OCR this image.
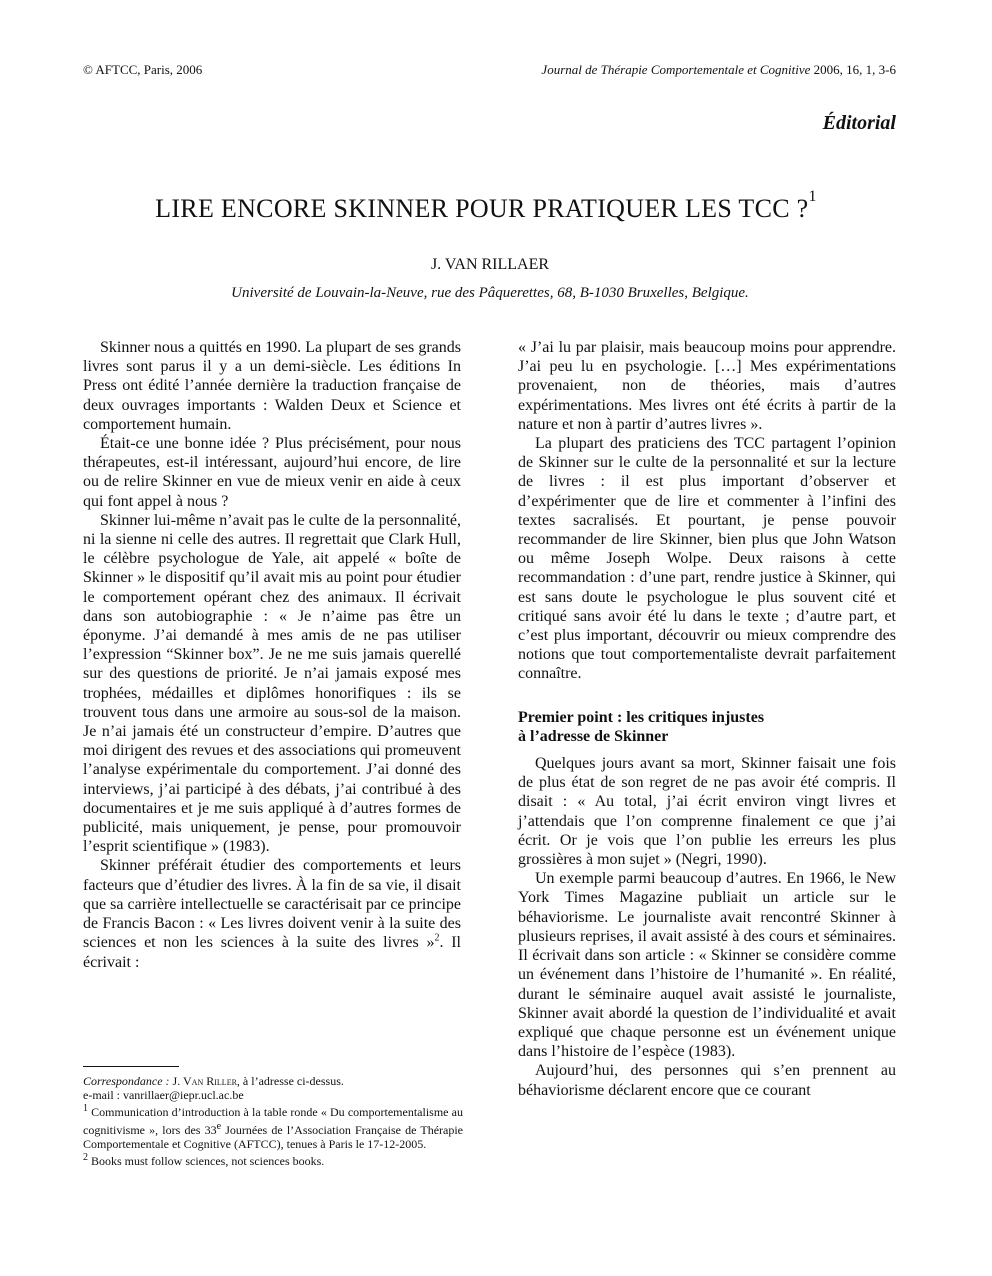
© AFTCC, Paris, 2006	Journal de Thérapie Comportementale et Cognitive 2006, 16, 1, 3-6
Éditorial
LIRE ENCORE SKINNER POUR PRATIQUER LES TCC ?$^1$
J. VAN RILLAER
Université de Louvain-la-Neuve, rue des Pâquerettes, 68, B-1030 Bruxelles, Belgique.

Skinner nous a quittés en 1990. La plupart de ses grands livres sont parus il y a un demi-siècle. Les éditions In Press ont édité l’année dernière la traduction française de deux ouvrages importants : Walden Deux et Science et comportement humain.

Était-ce une bonne idée ? Plus précisément, pour nous thérapeutes, est-il intéressant, aujourd’hui encore, de lire ou de relire Skinner en vue de mieux venir en aide à ceux qui font appel à nous ?

Skinner lui-même n’avait pas le culte de la personnalité, ni la sienne ni celle des autres. Il regrettait que Clark Hull, le célèbre psychologue de Yale, ait appelé « boîte de Skinner » le dispositif qu’il avait mis au point pour étudier le comportement opérant chez des animaux. Il écrivait dans son autobiographie : « Je n’aime pas être un éponyme. J’ai demandé à mes amis de ne pas utiliser l’expression “Skinner box”. Je ne me suis jamais querellé sur des questions de priorité. Je n’ai jamais exposé mes trophées, médailles et diplômes honorifiques : ils se trouvent tous dans une armoire au sous-sol de la maison. Je n’ai jamais été un constructeur d’empire. D’autres que moi dirigent des revues et des associations qui promeuvent l’analyse expérimentale du comportement. J’ai donné des interviews, j’ai participé à des débats, j’ai contribué à des documentaires et je me suis appliqué à d’autres formes de publicité, mais uniquement, je pense, pour promouvoir l’esprit scientifique » (1983).

Skinner préférait étudier des comportements et leurs facteurs que d’étudier des livres. À la fin de sa vie, il disait que sa carrière intellectuelle se caractérisait par ce principe de Francis Bacon : « Les livres doivent venir à la suite des sciences et non les sciences à la suite des livres »$^2$. Il écrivait :

« J’ai lu par plaisir, mais beaucoup moins pour apprendre. J’ai peu lu en psychologie. […] Mes expérimentations provenaient, non de théories, mais d’autres expérimentations. Mes livres ont été écrits à partir de la nature et non à partir d’autres livres ».

La plupart des praticiens des TCC partagent l’opinion de Skinner sur le culte de la personnalité et sur la lecture de livres : il est plus important d’observer et d’expérimenter que de lire et commenter à l’infini des textes sacralisés. Et pourtant, je pense pouvoir recommander de lire Skinner, bien plus que John Watson ou même Joseph Wolpe. Deux raisons à cette recommandation : d’une part, rendre justice à Skinner, qui est sans doute le psychologue le plus souvent cité et critiqué sans avoir été lu dans le texte ; d’autre part, et c’est plus important, découvrir ou mieux comprendre des notions que tout comportementaliste devrait parfaitement connaître.

Premier point : les critiques injustes
à l’adresse de Skinner

Quelques jours avant sa mort, Skinner faisait une fois de plus état de son regret de ne pas avoir été compris. Il disait : « Au total, j’ai écrit environ vingt livres et j’attendais que l’on comprenne finalement ce que j’ai écrit. Or je vois que l’on publie les erreurs les plus grossières à mon sujet » (Negri, 1990).

Un exemple parmi beaucoup d’autres. En 1966, le New York Times Magazine publiait un article sur le béhaviorisme. Le journaliste avait rencontré Skinner à plusieurs reprises, il avait assisté à des cours et séminaires. Il écrivait dans son article : « Skinner se considère comme un événement dans l’histoire de l’humanité ». En réalité, durant le séminaire auquel avait assisté le journaliste, Skinner avait abordé la question de l’individualité et avait expliqué que chaque personne est un événement unique dans l’histoire de l’espèce (1983).

Aujourd’hui, des personnes qui s’en prennent au béhaviorisme déclarent encore que ce courant

Correspondance : J. Van Riller, à l’adresse ci-dessus.
e-mail : vanrillaer@iepr.ucl.ac.be
$^1$ Communication d’introduction à la table ronde « Du comportementalisme au cognitivisme », lors des 33e Journées de l’Association Française de Thérapie Comportementale et Cognitive (AFTCC), tenues à Paris le 17-12-2005.
$^2$ Books must follow sciences, not sciences books.
